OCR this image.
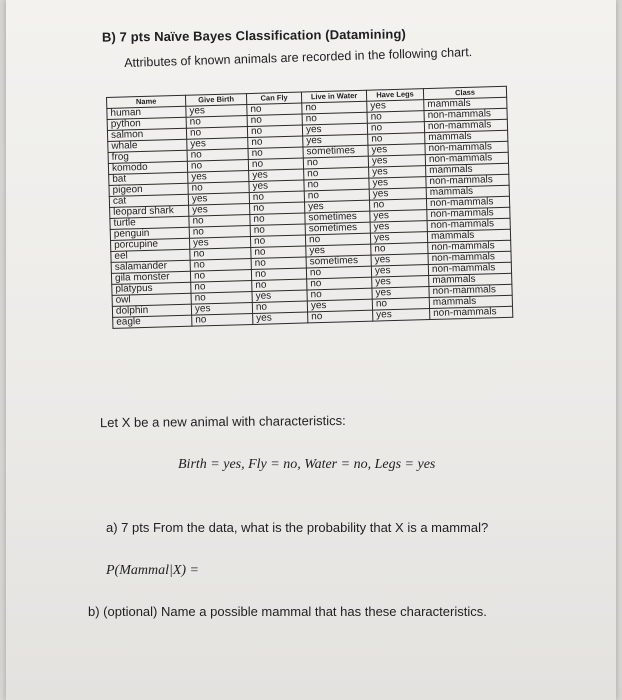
B) 7 pts Naïve Bayes Classification (Datamining)
Attributes of known animals are recorded in the following chart.
Name	Give Birth	Can Fly	Live in Water	Have Legs	Class
human	yes	no	no	yes	mammals
python	no	no	no	no	non-mammals
salmon	no	no	yes	no	non-mammals
whale	yes	no	yes	no	mammals
frog	no	no	sometimes	yes	non-mammals
komodo	no	no	no	yes	non-mammals
bat	yes	yes	no	yes	mammals
pigeon	no	yes	no	yes	non-mammals
cat	yes	no	no	yes	mammals
leopard shark	yes	no	yes	no	non-mammals
turtle	no	no	sometimes	yes	non-mammals
penguin	no	no	sometimes	yes	non-mammals
porcupine	yes	no	no	yes	mammals
eel	no	no	yes	no	non-mammals
salamander	no	no	sometimes	yes	non-mammals
gila monster	no	no	no	yes	non-mammals
platypus	no	no	no	yes	mammals
owl	no	yes	no	yes	non-mammals
dolphin	yes	no	yes	no	mammals
eagle	no	yes	no	yes	non-mammals
Let X be a new animal with characteristics:
Birth = yes, Fly = no, Water = no, Legs = yes
a) 7 pts From the data, what is the probability that X is a mammal?
P(Mammal|X) =
b) (optional) Name a possible mammal that has these characteristics.
